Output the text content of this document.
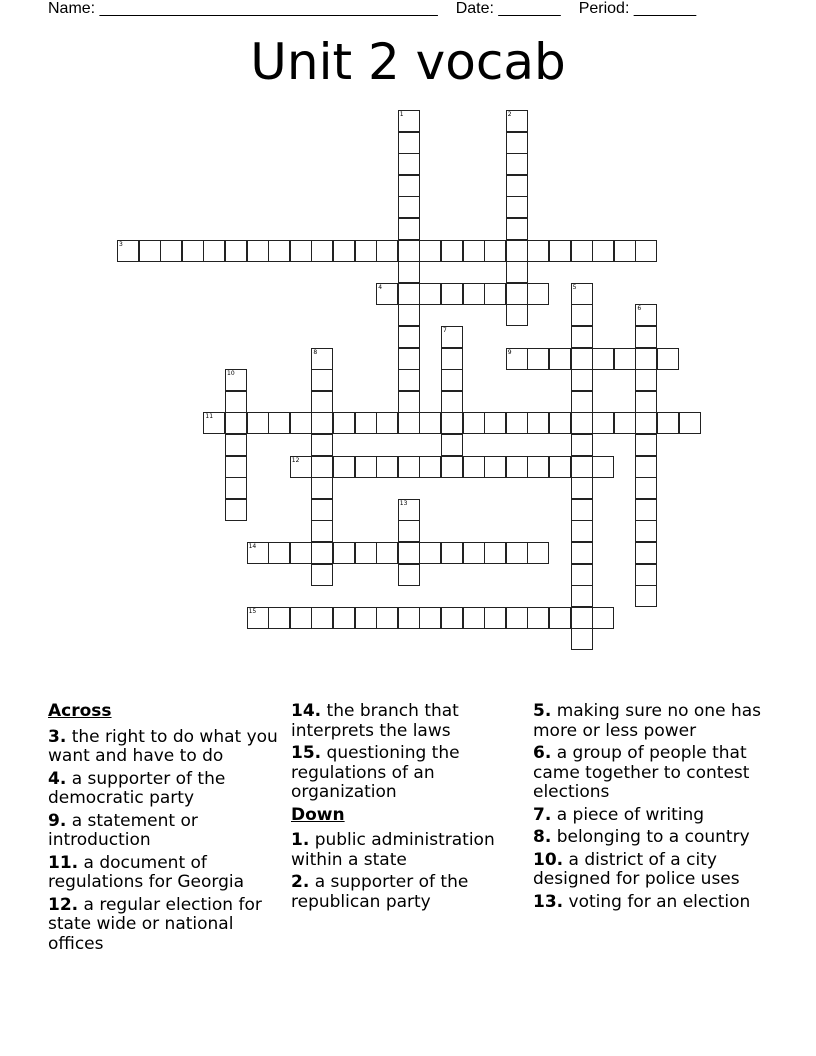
Name: ______________________________________ Date: _______ Period: _______
Unit 2 vocab
1	2
3
4	5
6
7
8	9
10
11
12
13
14
15
Across
3. the right to do what you want and have to do
4. a supporter of the democratic party
9. a statement or introduction
11. a document of regulations for Georgia
12. a regular election for state wide or national offices
14. the branch that interprets the laws
15. questioning the regulations of an organization
Down
1. public administration within a state
2. a supporter of the republican party
5. making sure no one has more or less power
6. a group of people that came together to contest elections
7. a piece of writing
8. belonging to a country
10. a district of a city designed for police uses
13. voting for an election
